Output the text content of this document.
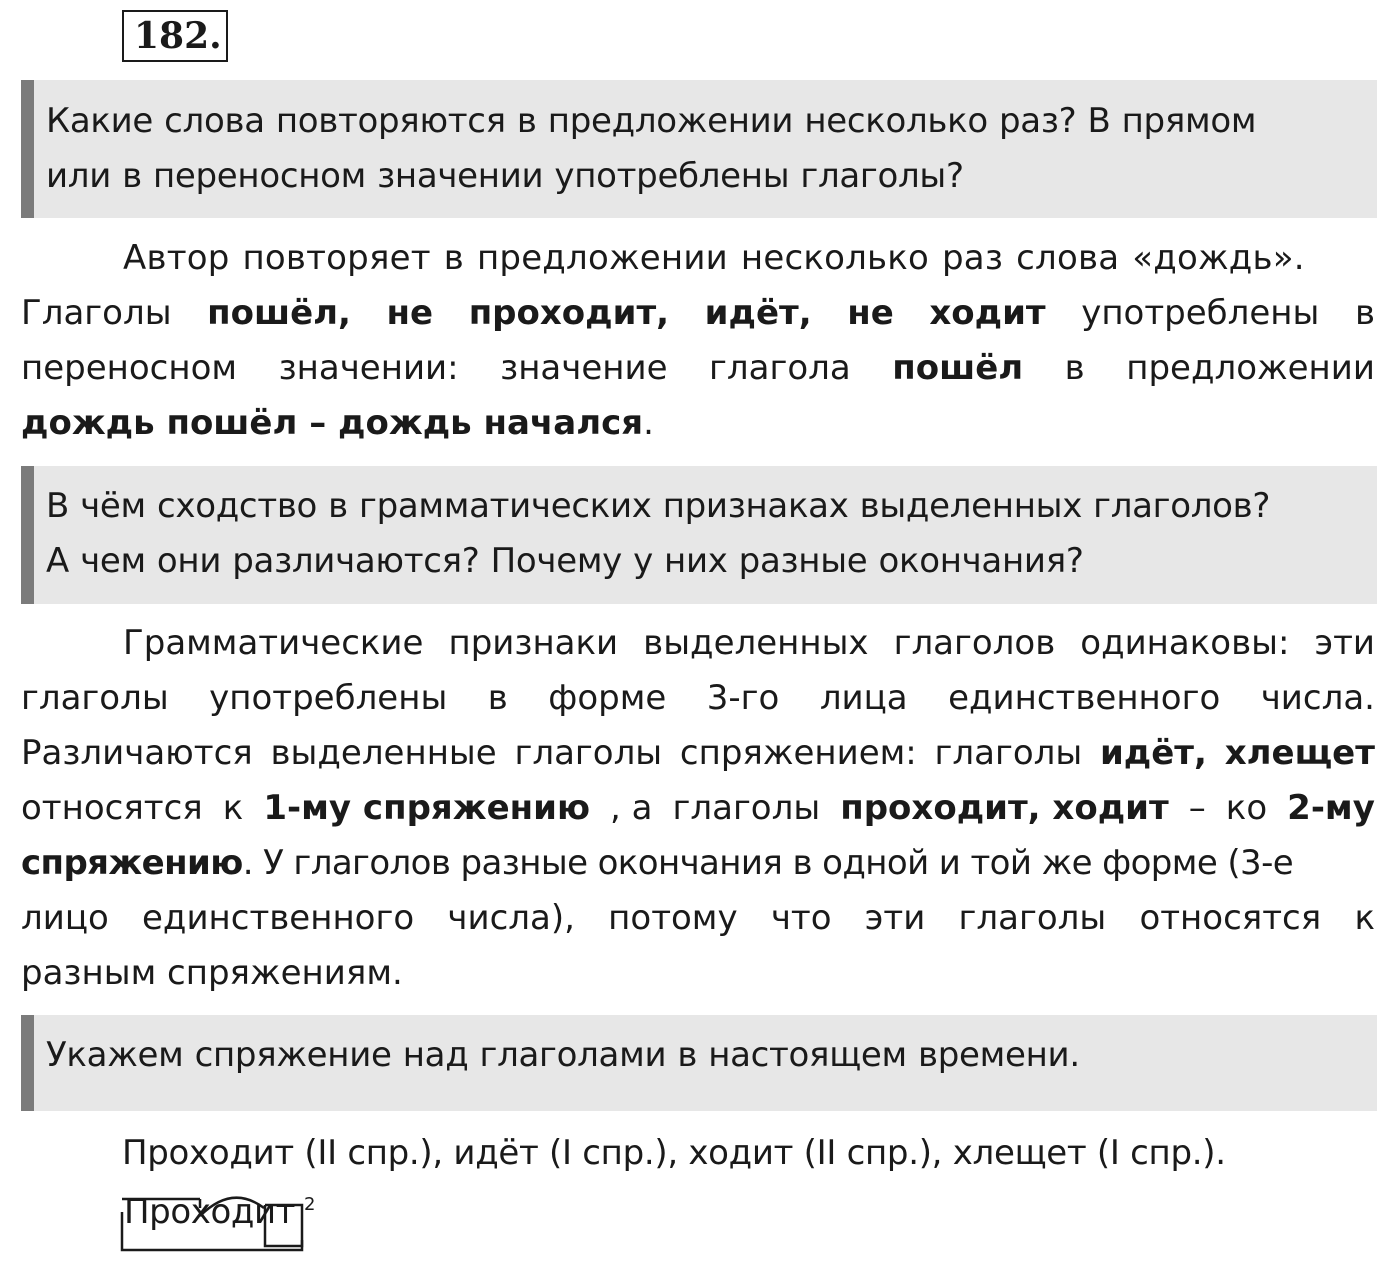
182.
Какие слова повторяются в предложении несколько раз? В прямом
или в переносном значении употреблены глаголы?
Автор повторяет в предложении несколько раз слова «дождь».
Глаголы пошёл, не проходит, идёт, не ходит употреблены в
переносном значении: значение глагола пошёл в предложении
дождь пошёл – дождь начался.
В чём сходство в грамматических признаках выделенных глаголов?
А чем они различаются? Почему у них разные окончания?
Грамматические признаки выделенных глаголов одинаковы: эти
глаголы употреблены в форме 3-го лица единственного числа.
Различаются выделенные глаголы спряжением: глаголы идёт, хлещет
относятся к 1-му спряжению , а глаголы проходит, ходит – ко 2-му
спряжению. У глаголов разные окончания в одной и той же форме (3-е
лицо единственного числа), потому что эти глаголы относятся к
разным спряжениям.
Укажем спряжение над глаголами в настоящем времени.
Проходит (II спр.), идёт (I спр.), ходит (II спр.), хлещет (I спр.).
Проходит 2
